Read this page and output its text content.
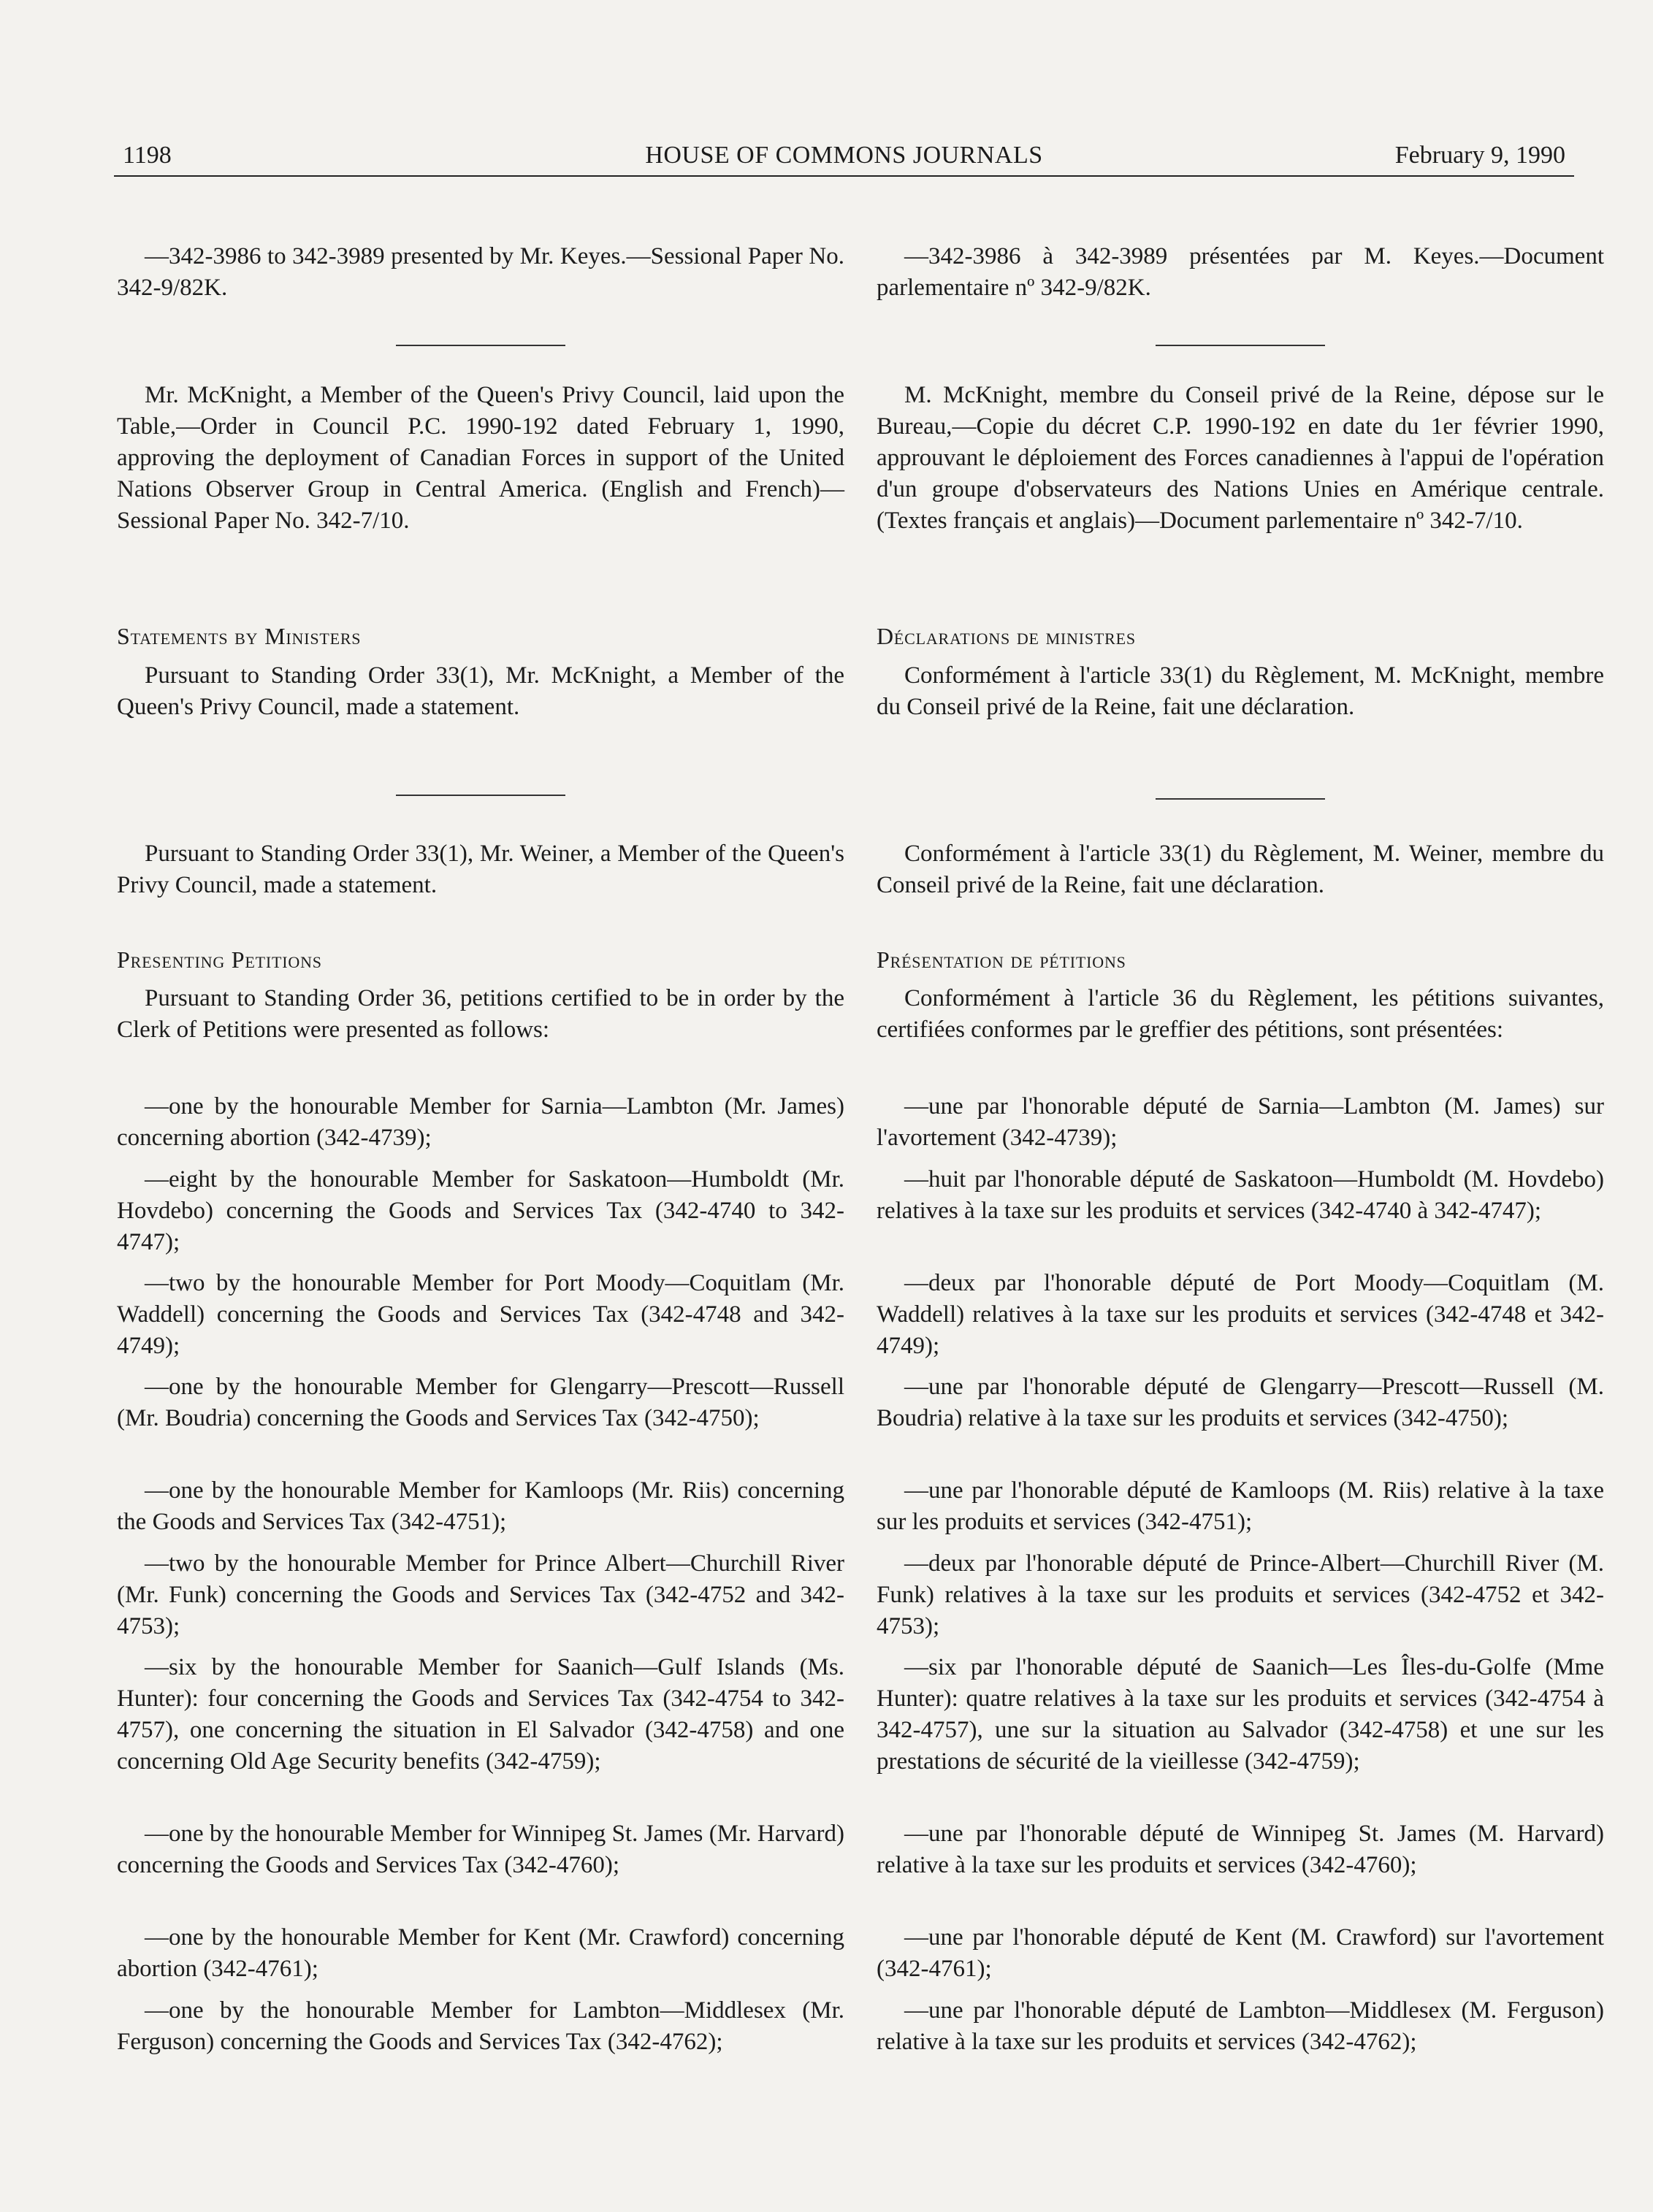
1198	HOUSE OF COMMONS JOURNALS	February 9, 1990

—342-3986 to 342-3989 presented by Mr. Keyes.—Sessional Paper No. 342-9/82K.

Mr. McKnight, a Member of the Queen's Privy Council, laid upon the Table,—Order in Council P.C. 1990-192 dated February 1, 1990, approving the deployment of Canadian Forces in support of the United Nations Observer Group in Central America. (English and French)—Sessional Paper No. 342-7/10.

Statements by Ministers

Pursuant to Standing Order 33(1), Mr. McKnight, a Member of the Queen's Privy Council, made a statement.

Pursuant to Standing Order 33(1), Mr. Weiner, a Member of the Queen's Privy Council, made a statement.

Presenting Petitions

Pursuant to Standing Order 36, petitions certified to be in order by the Clerk of Petitions were presented as follows:

—one by the honourable Member for Sarnia—Lambton (Mr. James) concerning abortion (342-4739);

—eight by the honourable Member for Saskatoon—Humboldt (Mr. Hovdebo) concerning the Goods and Services Tax (342-4740 to 342-4747);

—two by the honourable Member for Port Moody—Coquitlam (Mr. Waddell) concerning the Goods and Services Tax (342-4748 and 342-4749);

—one by the honourable Member for Glengarry—Prescott—Russell (Mr. Boudria) concerning the Goods and Services Tax (342-4750);

—one by the honourable Member for Kamloops (Mr. Riis) concerning the Goods and Services Tax (342-4751);

—two by the honourable Member for Prince Albert—Churchill River (Mr. Funk) concerning the Goods and Services Tax (342-4752 and 342-4753);

—six by the honourable Member for Saanich—Gulf Islands (Ms. Hunter): four concerning the Goods and Services Tax (342-4754 to 342-4757), one concerning the situation in El Salvador (342-4758) and one concerning Old Age Security benefits (342-4759);

—one by the honourable Member for Winnipeg St. James (Mr. Harvard) concerning the Goods and Services Tax (342-4760);

—one by the honourable Member for Kent (Mr. Crawford) concerning abortion (342-4761);

—one by the honourable Member for Lambton—Middlesex (Mr. Ferguson) concerning the Goods and Services Tax (342-4762);

—342-3986 à 342-3989 présentées par M. Keyes.—Document parlementaire nº 342-9/82K.

M. McKnight, membre du Conseil privé de la Reine, dépose sur le Bureau,—Copie du décret C.P. 1990-192 en date du 1er février 1990, approuvant le déploiement des Forces canadiennes à l'appui de l'opération d'un groupe d'observateurs des Nations Unies en Amérique centrale. (Textes français et anglais)—Document parlementaire nº 342-7/10.

Déclarations de ministres

Conformément à l'article 33(1) du Règlement, M. McKnight, membre du Conseil privé de la Reine, fait une déclaration.

Conformément à l'article 33(1) du Règlement, M. Weiner, membre du Conseil privé de la Reine, fait une déclaration.

Présentation de pétitions

Conformément à l'article 36 du Règlement, les pétitions suivantes, certifiées conformes par le greffier des pétitions, sont présentées:

—une par l'honorable député de Sarnia—Lambton (M. James) sur l'avortement (342-4739);

—huit par l'honorable député de Saskatoon—Humboldt (M. Hovdebo) relatives à la taxe sur les produits et services (342-4740 à 342-4747);

—deux par l'honorable député de Port Moody—Coquitlam (M. Waddell) relatives à la taxe sur les produits et services (342-4748 et 342-4749);

—une par l'honorable député de Glengarry—Prescott—Russell (M. Boudria) relative à la taxe sur les produits et services (342-4750);

—une par l'honorable député de Kamloops (M. Riis) relative à la taxe sur les produits et services (342-4751);

—deux par l'honorable député de Prince-Albert—Churchill River (M. Funk) relatives à la taxe sur les produits et services (342-4752 et 342-4753);

—six par l'honorable député de Saanich—Les Îles-du-Golfe (Mme Hunter): quatre relatives à la taxe sur les produits et services (342-4754 à 342-4757), une sur la situation au Salvador (342-4758) et une sur les prestations de sécurité de la vieillesse (342-4759);

—une par l'honorable député de Winnipeg St. James (M. Harvard) relative à la taxe sur les produits et services (342-4760);

—une par l'honorable député de Kent (M. Crawford) sur l'avortement (342-4761);

—une par l'honorable député de Lambton—Middlesex (M. Ferguson) relative à la taxe sur les produits et services (342-4762);
